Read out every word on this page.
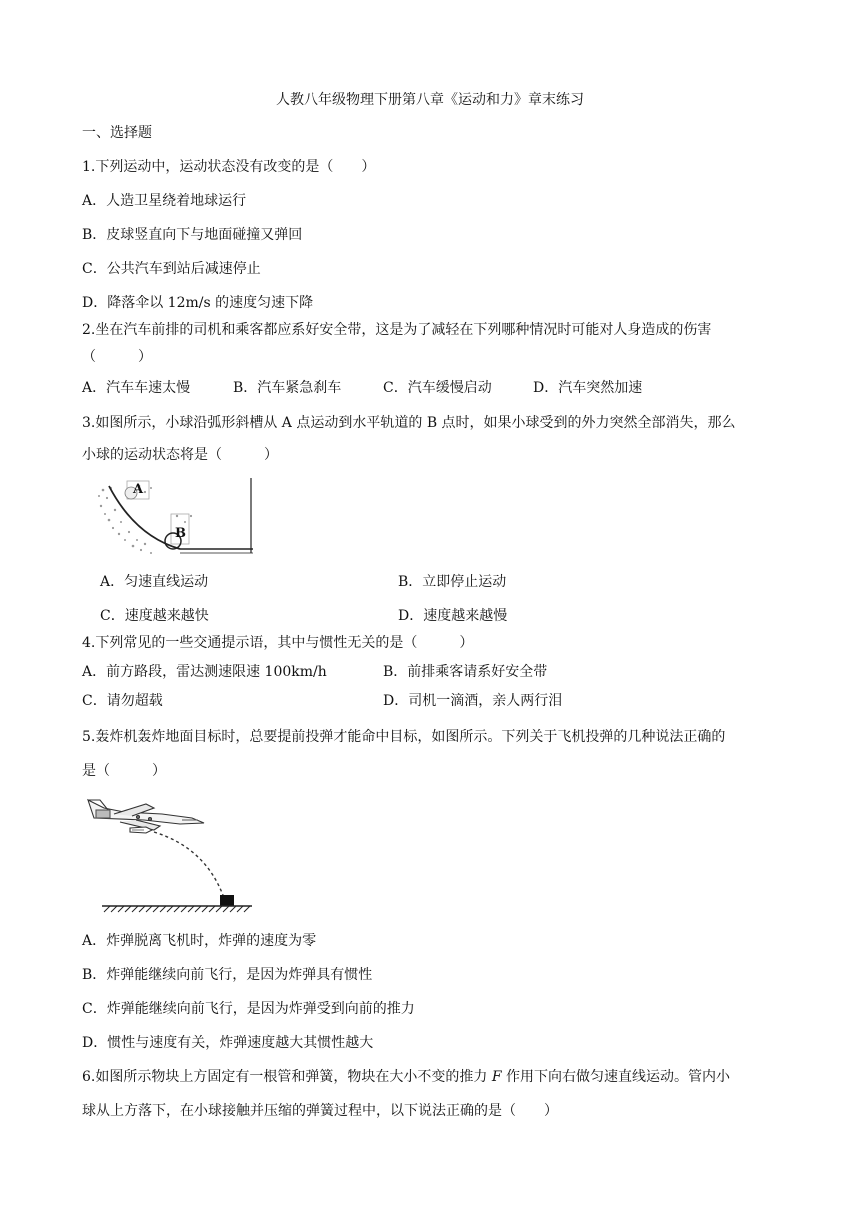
人教八年级物理下册第八章《运动和力》章末练习
一、选择题
1.下列运动中，运动状态没有改变的是（　　）
A．人造卫星绕着地球运行
B．皮球竖直向下与地面碰撞又弹回
C．公共汽车到站后减速停止
D．降落伞以 12m/s 的速度匀速下降
2.坐在汽车前排的司机和乘客都应系好安全带，这是为了减轻在下列哪种情况时可能对人身造成的伤害
（　　　）
A．汽车车速太慢	B．汽车紧急刹车	C．汽车缓慢启动	D．汽车突然加速
3.如图所示，小球沿弧形斜槽从 A 点运动到水平轨道的 B 点时，如果小球受到的外力突然全部消失，那么
小球的运动状态将是（　　　）
A
B
A．匀速直线运动	B．立即停止运动
C．速度越来越快	D．速度越来越慢
4.下列常见的一些交通提示语，其中与惯性无关的是（　　　）
A．前方路段，雷达测速限速 100km/h	B．前排乘客请系好安全带
C．请勿超载	D．司机一滴酒，亲人两行泪
5.轰炸机轰炸地面目标时，总要提前投弹才能命中目标，如图所示。下列关于飞机投弹的几种说法正确的
是（　　　）
A．炸弹脱离飞机时，炸弹的速度为零
B．炸弹能继续向前飞行，是因为炸弹具有惯性
C．炸弹能继续向前飞行，是因为炸弹受到向前的推力
D．惯性与速度有关，炸弹速度越大其惯性越大
6.如图所示物块上方固定有一根管和弹簧，物块在大小不变的推力 F 作用下向右做匀速直线运动。管内小
球从上方落下，在小球接触并压缩的弹簧过程中，以下说法正确的是（　　）
